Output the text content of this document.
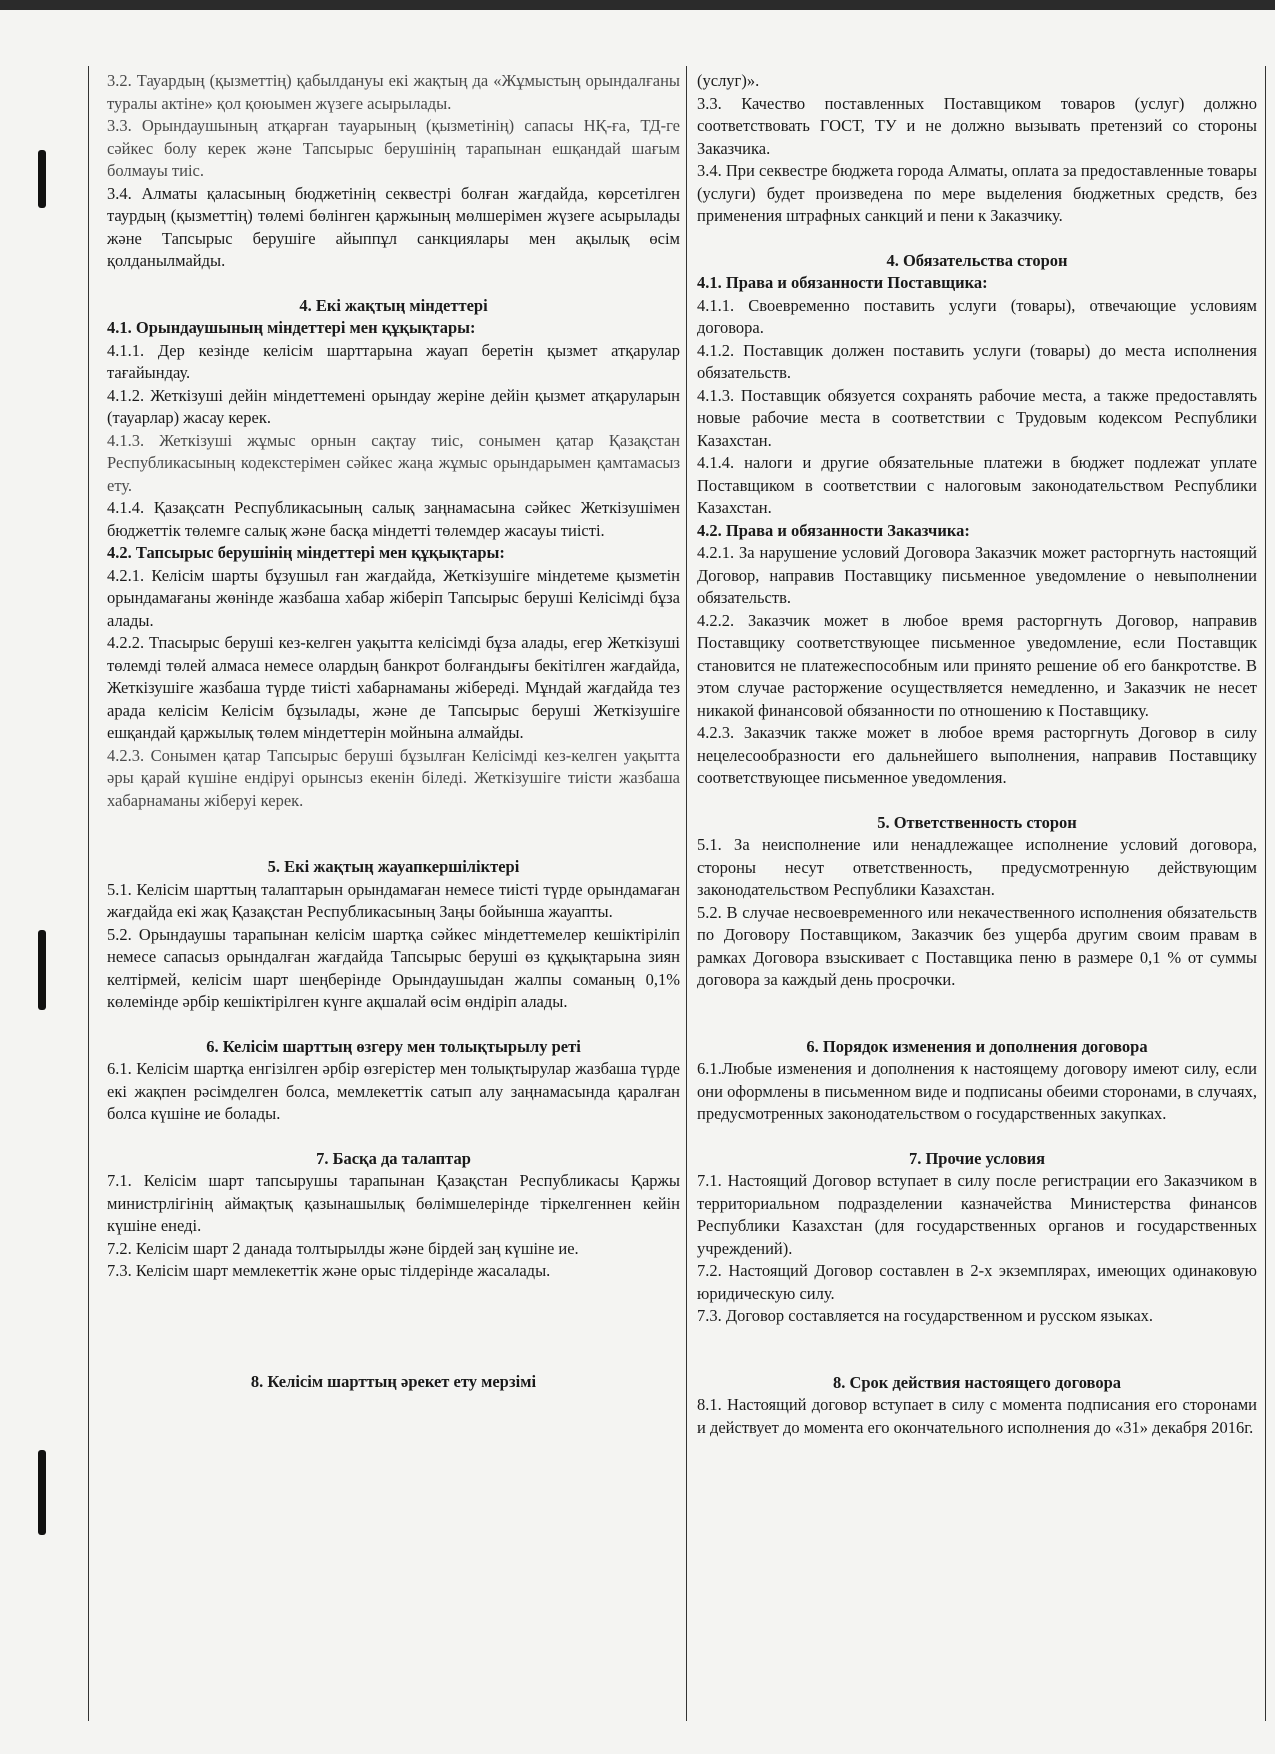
3.2. Тауардың (қызметтің) қабылдануы екі жақтың да «Жұмыстың орындалғаны туралы актіне» қол қоюымен жүзеге асырылады.
3.3. Орындаушының атқарған тауарының (қызметінің) сапасы НҚ-ға, ТД-ге сәйкес болу керек және Тапсырыс берушінің тарапынан ешқандай шағым болмауы тиіс.
3.4. Алматы қаласының бюджетінің секвестрі болған жағдайда, көрсетілген таурдың (қызметтің) төлемі бөлінген қаржының мөлшерімен жүзеге асырылады және Тапсырыс берушіге айыппұл санкциялары мен ақылық өсім қолданылмайды.
4. Екі жақтың міндеттері
4.1. Орындаушының міндеттері мен құқықтары:
4.1.1. Дер кезінде келісім шарттарына жауап беретін қызмет атқарулар тағайындау.
4.1.2. Жеткізуші дейін міндеттемені орындау жеріне дейін қызмет атқаруларын (тауарлар) жасау керек.
4.1.3. Жеткізуші жұмыс орнын сақтау тиіс, сонымен қатар Қазақстан Республикасының кодекстерімен сәйкес жаңа жұмыс орындарымен қамтамасыз ету.
4.1.4. Қазақсатн Республикасының салық заңнамасына сәйкес Жеткізушімен бюджеттік төлемге салық және басқа міндетті төлемдер жасауы тиісті.
4.2. Тапсырыс берушінің міндеттері мен құқықтары:
4.2.1. Келісім шарты бұзушыл ған жағдайда, Жеткізушіге міндетеме қызметін орындамағаны жөнінде жазбаша хабар жіберіп Тапсырыс беруші Келісімді бұза алады.
4.2.2. Тпасырыс беруші кез-келген уақытта келісімді бұза алады, егер Жеткізуші төлемді төлей алмаса немесе олардың банкрот болғандығы бекітілген жағдайда, Жеткізушіге жазбаша түрде тиісті хабарнаманы жібереді. Мұндай жағдайда тез арада келісім Келісім бұзылады, және де Тапсырыс беруші Жеткізушіге ешқандай қаржылық төлем міндеттерін мойнына алмайды.
4.2.3. Сонымен қатар Тапсырыс беруші бұзылған Келісімді кез-келген уақытта әры қарай күшіне ендіруі орынсыз екенін біледі. Жеткізушіге тиісти жазбаша хабарнаманы жіберуі керек.
5. Екі жақтың жауапкершіліктері
5.1. Келісім шарттың талаптарын орындамаған немесе тиісті түрде орындамаған жағдайда екі жақ Қазақстан Республикасының Заңы бойынша жауапты.
5.2. Орындаушы тарапынан келісім шартқа сәйкес міндеттемелер кешіктіріліп немесе сапасыз орындалған жағдайда Тапсырыс беруші өз құқықтарына зиян келтірмей, келісім шарт шеңберінде Орындаушыдан жалпы соманың 0,1% көлемінде әрбір кешіктірілген күнге ақшалай өсім өндіріп алады.
6. Келісім шарттың өзгеру мен толықтырылу реті
6.1. Келісім шартқа енгізілген әрбір өзгерістер мен толықтырулар жазбаша түрде екі жақпен рәсімделген болса, мемлекеттік сатып алу заңнамасында қаралған болса күшіне ие болады.
7. Басқа да талаптар
7.1. Келісім шарт тапсырушы тарапынан Қазақстан Республикасы Қаржы министрлігінің аймақтық қазынашылық бөлімшелерінде тіркелгеннен кейін күшіне енеді.
7.2. Келісім шарт 2 данада толтырылды және бірдей заң күшіне ие.
7.3. Келісім шарт мемлекеттік және орыс тілдерінде жасалады.
8. Келісім шарттың әрекет ету мерзімі
(услуг)».
3.3. Качество поставленных Поставщиком товаров (услуг) должно соответствовать ГОСТ, ТУ и не должно вызывать претензий со стороны Заказчика.
3.4. При секвестре бюджета города Алматы, оплата за предоставленные товары (услуги) будет произведена по мере выделения бюджетных средств, без применения штрафных санкций и пени к Заказчику.
4. Обязательства сторон
4.1. Права и обязанности Поставщика:
4.1.1. Своевременно поставить услуги (товары), отвечающие условиям договора.
4.1.2. Поставщик должен поставить услуги (товары) до места исполнения обязательств.
4.1.3. Поставщик обязуется сохранять рабочие места, а также предоставлять новые рабочие места в соответствии с Трудовым кодексом Республики Казахстан.
4.1.4. налоги и другие обязательные платежи в бюджет подлежат уплате Поставщиком в соответствии с налоговым законодательством Республики Казахстан.
4.2. Права и обязанности Заказчика:
4.2.1. За нарушение условий Договора Заказчик может расторгнуть настоящий Договор, направив Поставщику письменное уведомление о невыполнении обязательств.
4.2.2. Заказчик может в любое время расторгнуть Договор, направив Поставщику соответствующее письменное уведомление, если Поставщик становится не платежеспособным или принято решение об его банкротстве. В этом случае расторжение осуществляется немедленно, и Заказчик не несет никакой финансовой обязанности по отношению к Поставщику.
4.2.3. Заказчик также может в любое время расторгнуть Договор в силу нецелесообразности его дальнейшего выполнения, направив Поставщику соответствующее письменное уведомления.
5. Ответственность сторон
5.1. За неисполнение или ненадлежащее исполнение условий договора, стороны несут ответственность, предусмотренную действующим законодательством Республики Казахстан.
5.2. В случае несвоевременного или некачественного исполнения обязательств по Договору Поставщиком, Заказчик без ущерба другим своим правам в рамках Договора взыскивает с Поставщика пеню в размере 0,1 % от суммы договора за каждый день просрочки.
6. Порядок изменения и дополнения договора
6.1.Любые изменения и дополнения к настоящему договору имеют силу, если они оформлены в письменном виде и подписаны обеими сторонами, в случаях, предусмотренных законодательством о государственных закупках.
7. Прочие условия
7.1. Настоящий Договор вступает в силу после регистрации его Заказчиком в территориальном подразделении казначейства Министерства финансов Республики Казахстан (для государственных органов и государственных учреждений).
7.2. Настоящий Договор составлен в 2-х экземплярах, имеющих одинаковую юридическую силу.
7.3. Договор составляется на государственном и русском языках.
8. Срок действия настоящего договора
8.1. Настоящий договор вступает в силу с момента подписания его сторонами и действует до момента его окончательного исполнения до «31» декабря 2016г.
